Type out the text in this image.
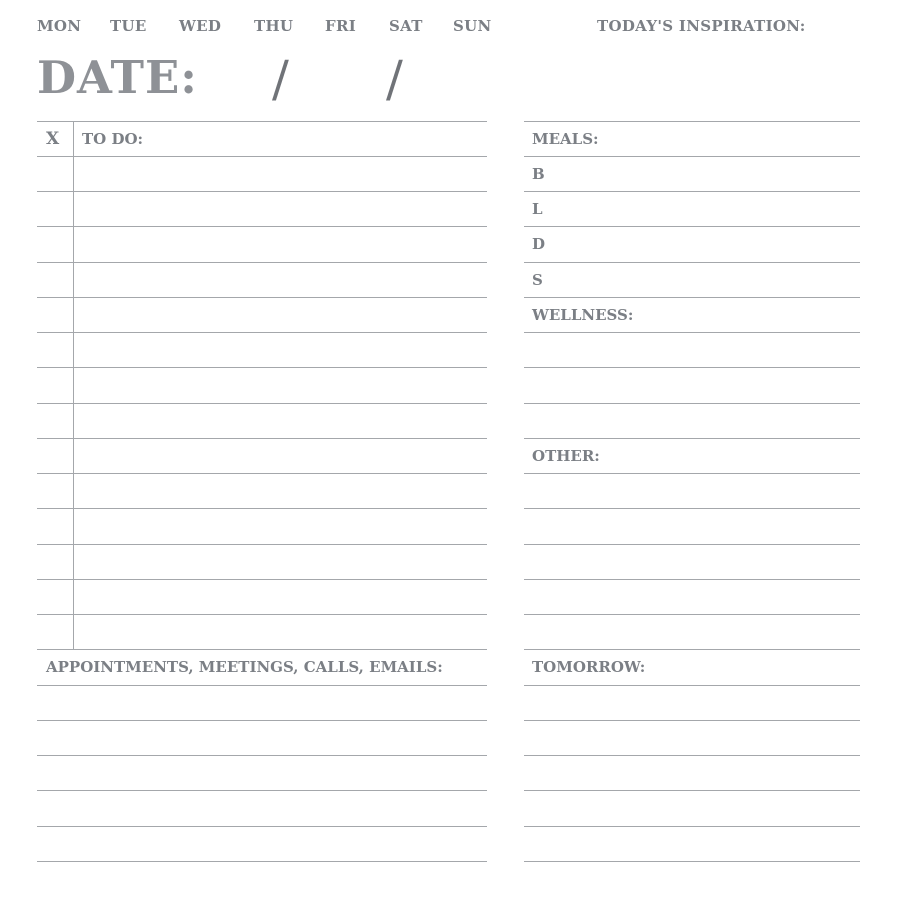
MON TUE WED THU FRI SAT SUN	TODAY'S INSPIRATION:
DATE: / /
X TO DO:
APPOINTMENTS, MEETINGS, CALLS, EMAILS:
MEALS:
B
L
D
S
WELLNESS:
OTHER:
TOMORROW:
